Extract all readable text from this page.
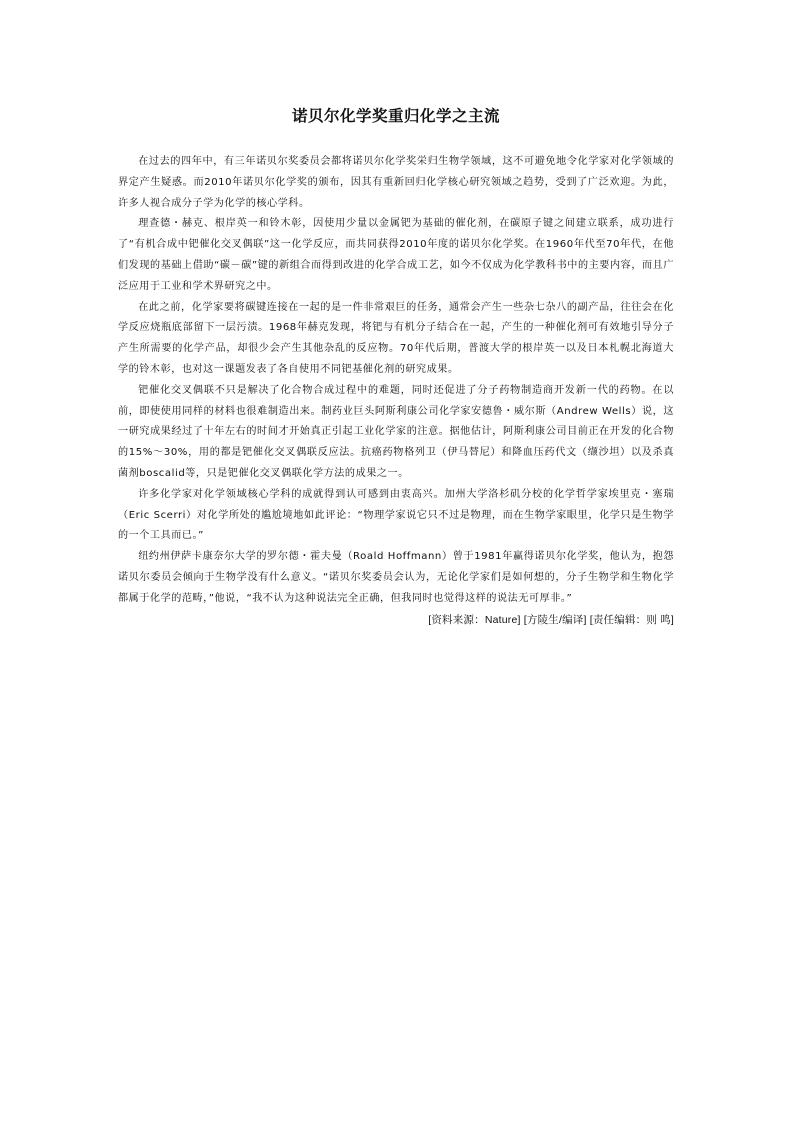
诺贝尔化学奖重归化学之主流

在过去的四年中，有三年诺贝尔奖委员会都将诺贝尔化学奖栄归生物学领域，这不可避免地令化学家对化学领域的界定产生疑惑。而2010年诺贝尔化学奖的颁布，因其有重新回归化学核心研究领域之趋势，受到了广泛欢迎。为此，许多人视合成分子学为化学的核心学科。

理查德・赫克、根岸英一和铃木彰，因使用少量以金属钯为基础的催化剂，在碳原子键之间建立联系，成功进行了“有机合成中钯催化交叉偶联”这一化学反应，而共同获得2010年度的诺贝尔化学奖。在1960年代至70年代，在他们发现的基础上借助“碳－碳”键的新组合而得到改进的化学合成工艺，如今不仅成为化学教科书中的主要内容，而且广泛应用于工业和学术界研究之中。

在此之前，化学家要将碳键连接在一起的是一件非常艰巨的任务，通常会产生一些杂七杂八的副产品，往往会在化学反应烧瓶底部留下一层污渍。1968年赫克发现，将钯与有机分子结合在一起，产生的一种催化剂可有效地引导分子产生所需要的化学产品，却很少会产生其他杂乱的反应物。70年代后期，普渡大学的根岸英一以及日本札幌北海道大学的铃木彰，也对这一课题发表了各自使用不同钯基催化剂的研究成果。

钯催化交叉偶联不只是解决了化合物合成过程中的难题，同时还促进了分子药物制造商开发新一代的药物。在以前，即使使用同样的材料也很难制造出来。制药业巨头阿斯利康公司化学家安德鲁・威尔斯（Andrew Wells）说，这一研究成果经过了十年左右的时间才开始真正引起工业化学家的注意。据他估计，阿斯利康公司目前正在开发的化合物的15%～30%，用的都是钯催化交叉偶联反应法。抗癌药物格列卫（伊马替尼）和降血压药代文（缬沙坦）以及杀真菌剂boscalid等，只是钯催化交叉偶联化学方法的成果之一。

许多化学家对化学领域核心学科的成就得到认可感到由衷高兴。加州大学洛杉矶分校的化学哲学家埃里克・塞瑞（Eric Scerri）对化学所处的尴尬境地如此评论：“物理学家说它只不过是物理，而在生物学家眼里，化学只是生物学的一个工具而已。”

纽约州伊萨卡康奈尔大学的罗尔德・霍夫曼（Roald Hoffmann）曾于1981年赢得诺贝尔化学奖，他认为，抱怨诺贝尔委员会倾向于生物学没有什么意义。“诺贝尔奖委员会认为，无论化学家们是如何想的，分子生物学和生物化学都属于化学的范畴，”他说，“我不认为这种说法完全正确，但我同时也觉得这样的说法无可厚非。”

[资料来源：Nature] [方陵生/编译] [责任编辑：则 鸣]
